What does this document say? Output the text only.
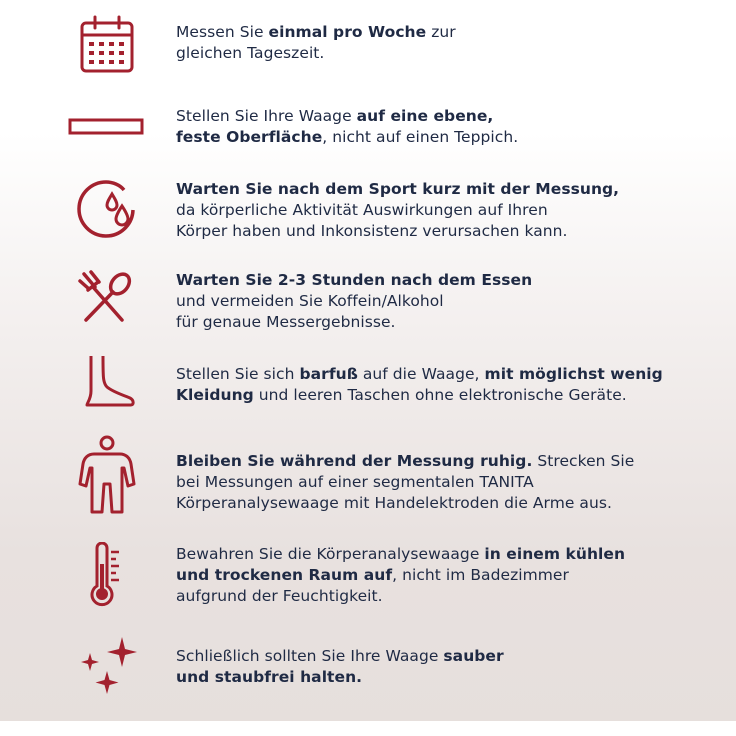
Messen Sie einmal pro Woche zur
gleichen Tageszeit.
Stellen Sie Ihre Waage auf eine ebene,
feste Oberfläche, nicht auf einen Teppich.
Warten Sie nach dem Sport kurz mit der Messung,
da körperliche Aktivität Auswirkungen auf Ihren
Körper haben und Inkonsistenz verursachen kann.
Warten Sie 2-3 Stunden nach dem Essen
und vermeiden Sie Koffein/Alkohol
für genaue Messergebnisse.
Stellen Sie sich barfuß auf die Waage, mit möglichst wenig
Kleidung und leeren Taschen ohne elektronische Geräte.
Bleiben Sie während der Messung ruhig. Strecken Sie
bei Messungen auf einer segmentalen TANITA
Körperanalysewaage mit Handelektroden die Arme aus.
Bewahren Sie die Körperanalysewaage in einem kühlen
und trockenen Raum auf, nicht im Badezimmer
aufgrund der Feuchtigkeit.
Schließlich sollten Sie Ihre Waage sauber
und staubfrei halten.
